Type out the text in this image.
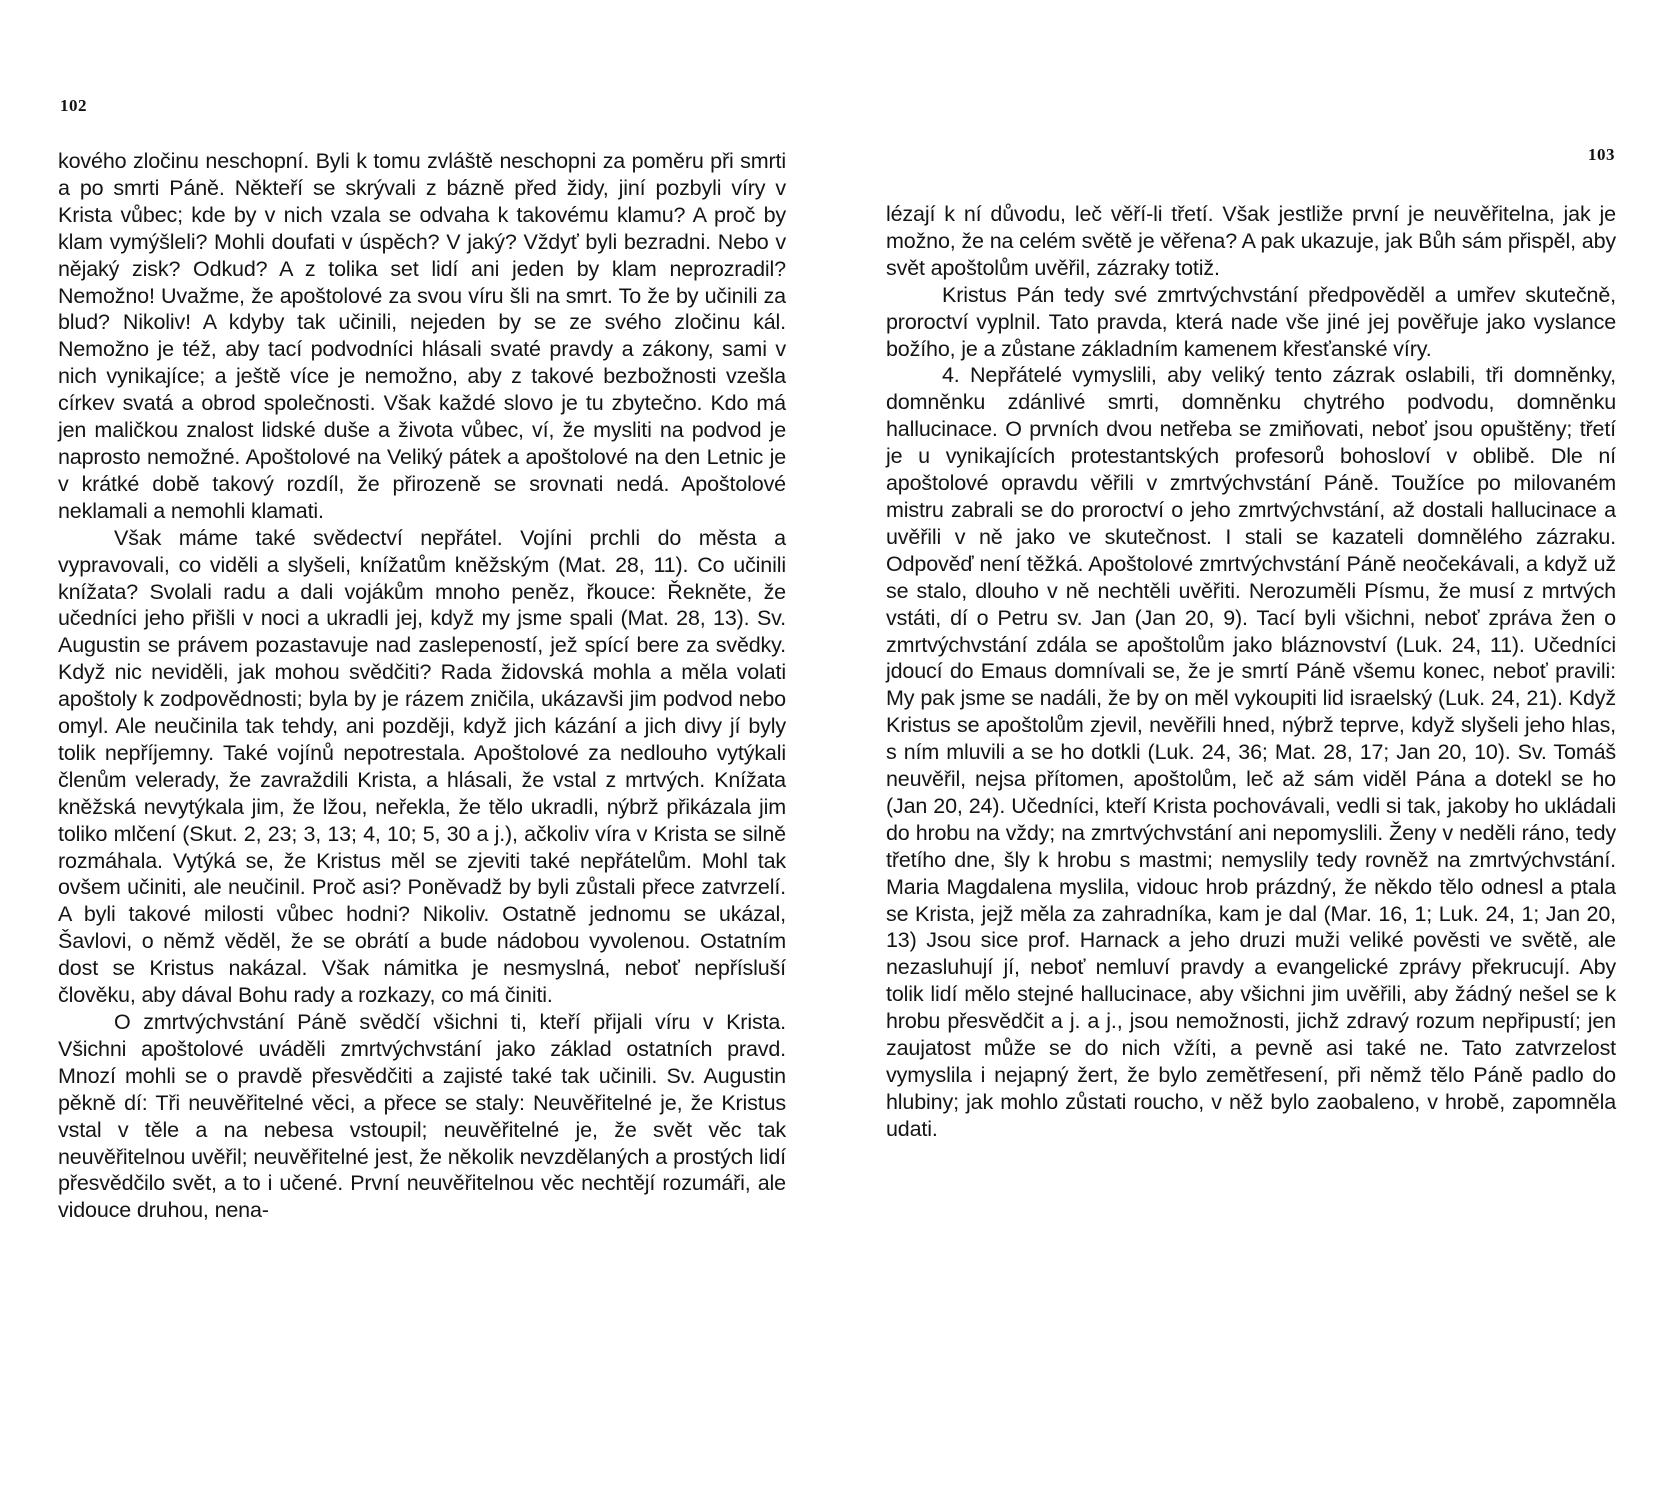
102

kového zločinu neschopní. Byli k tomu zvláště neschopni za poměru při smrti a po smrti Páně. Někteří se skrývali z bázně před židy, jiní pozbyli víry v Krista vůbec; kde by v nich vzala se odvaha k takovému klamu? A proč by klam vymýšleli? Mohli doufati v úspěch? V jaký? Vždyť byli bezradni. Nebo v nějaký zisk? Odkud? A z tolika set lidí ani jeden by klam neprozradil? Nemožno! Uvažme, že apoštolové za svou víru šli na smrt. To že by učinili za blud? Nikoliv! A kdyby tak učinili, nejeden by se ze svého zločinu kál. Nemožno je též, aby tací podvodníci hlásali svaté pravdy a zákony, sami v nich vynikajíce; a ještě více je nemožno, aby z takové bezbožnosti vzešla církev svatá a obrod společnosti. Však každé slovo je tu zbytečno. Kdo má jen maličkou znalost lidské duše a života vůbec, ví, že mysliti na podvod je naprosto nemožné. Apoštolové na Veliký pátek a apoštolové na den Letnic je v krátké době takový rozdíl, že přirozeně se srovnati nedá. Apoštolové neklamali a nemohli klamati.

Však máme také svědectví nepřátel. Vojíni prchli do města a vypravovali, co viděli a slyšeli, knížatům kněžským (Mat. 28, 11). Co učinili knížata? Svolali radu a dali vojákům mnoho peněz, řkouce: Řekněte, že učedníci jeho přišli v noci a ukradli jej, když my jsme spali (Mat. 28, 13). Sv. Augustin se právem pozastavuje nad zaslepeností, jež spící bere za svědky. Když nic neviděli, jak mohou svědčiti? Rada židovská mohla a měla volati apoštoly k zodpovědnosti; byla by je rázem zničila, ukázavši jim podvod nebo omyl. Ale neučinila tak tehdy, ani později, když jich kázání a jich divy jí byly tolik nepříjemny. Také vojínů nepotrestala. Apoštolové za nedlouho vytýkali členům velerady, že zavraždili Krista, a hlásali, že vstal z mrtvých. Knížata kněžská nevytýkala jim, že lžou, neřekla, že tělo ukradli, nýbrž přikázala jim toliko mlčení (Skut. 2, 23; 3, 13; 4, 10; 5, 30 a j.), ačkoliv víra v Krista se silně rozmáhala. Vytýká se, že Kristus měl se zjeviti také nepřátelům. Mohl tak ovšem učiniti, ale neučinil. Proč asi? Poněvadž by byli zůstali přece zatvrzelí. A byli takové milosti vůbec hodni? Nikoliv. Ostatně jednomu se ukázal, Šavlovi, o němž věděl, že se obrátí a bude nádobou vyvolenou. Ostatním dost se Kristus nakázal. Však námitka je nesmyslná, neboť nepřísluší člověku, aby dával Bohu rady a rozkazy, co má činiti.

O zmrtvýchvstání Páně svědčí všichni ti, kteří přijali víru v Krista. Všichni apoštolové uváděli zmrtvýchvstání jako základ ostatních pravd. Mnozí mohli se o pravdě přesvědčiti a zajisté také tak učinili. Sv. Augustin pěkně dí: Tři neuvěřitelné věci, a přece se staly: Neuvěřitelné je, že Kristus vstal v těle a na nebesa vstoupil; neuvěřitelné je, že svět věc tak neuvěřitelnou uvěřil; neuvěřitelné jest, že několik nevzdělaných a prostých lidí přesvědčilo svět, a to i učené. První neuvěřitelnou věc nechtějí rozumáři, ale vidouce druhou, nena-

103

lézají k ní důvodu, leč věří-li třetí. Však jestliže první je neuvěřitelna, jak je možno, že na celém světě je věřena? A pak ukazuje, jak Bůh sám přispěl, aby svět apoštolům uvěřil, zázraky totiž.

Kristus Pán tedy své zmrtvýchvstání předpověděl a umřev skutečně, proroctví vyplnil. Tato pravda, která nade vše jiné jej pověřuje jako vyslance božího, je a zůstane základním kamenem křesťanské víry.

4. Nepřátelé vymyslili, aby veliký tento zázrak oslabili, tři domněnky, domněnku zdánlivé smrti, domněnku chytrého podvodu, domněnku hallucinace. O prvních dvou netřeba se zmiňovati, neboť jsou opuštěny; třetí je u vynikajících protestantských profesorů bohosloví v oblibě. Dle ní apoštolové opravdu věřili v zmrtvýchvstání Páně. Toužíce po milovaném mistru zabrali se do proroctví o jeho zmrtvýchvstání, až dostali hallucinace a uvěřili v ně jako ve skutečnost. I stali se kazateli domnělého zázraku. Odpověď není těžká. Apoštolové zmrtvýchvstání Páně neočekávali, a když už se stalo, dlouho v ně nechtěli uvěřiti. Nerozuměli Písmu, že musí z mrtvých vstáti, dí o Petru sv. Jan (Jan 20, 9). Tací byli všichni, neboť zpráva žen o zmrtvýchvstání zdála se apoštolům jako bláznovství (Luk. 24, 11). Učedníci jdoucí do Emaus domnívali se, že je smrtí Páně všemu konec, neboť pravili: My pak jsme se nadáli, že by on měl vykoupiti lid israelský (Luk. 24, 21). Když Kristus se apoštolům zjevil, nevěřili hned, nýbrž teprve, když slyšeli jeho hlas, s ním mluvili a se ho dotkli (Luk. 24, 36; Mat. 28, 17; Jan 20, 10). Sv. Tomáš neuvěřil, nejsa přítomen, apoštolům, leč až sám viděl Pána a dotekl se ho (Jan 20, 24). Učedníci, kteří Krista pochovávali, vedli si tak, jakoby ho ukládali do hrobu na vždy; na zmrtvýchvstání ani nepomyslili. Ženy v neděli ráno, tedy třetího dne, šly k hrobu s mastmi; nemyslily tedy rovněž na zmrtvýchvstání. Maria Magdalena myslila, vidouc hrob prázdný, že někdo tělo odnesl a ptala se Krista, jejž měla za zahradníka, kam je dal (Mar. 16, 1; Luk. 24, 1; Jan 20, 13) Jsou sice prof. Harnack a jeho druzi muži veliké pověsti ve světě, ale nezasluhují jí, neboť nemluví pravdy a evangelické zprávy překrucují. Aby tolik lidí mělo stejné hallucinace, aby všichni jim uvěřili, aby žádný nešel se k hrobu přesvědčit a j. a j., jsou nemožnosti, jichž zdravý rozum nepřipustí; jen zaujatost může se do nich vžíti, a pevně asi také ne. Tato zatvrzelost vymyslila i nejapný žert, že bylo zemětřesení, při němž tělo Páně padlo do hlubiny; jak mohlo zůstati roucho, v něž bylo zaobaleno, v hrobě, zapomněla udati.
